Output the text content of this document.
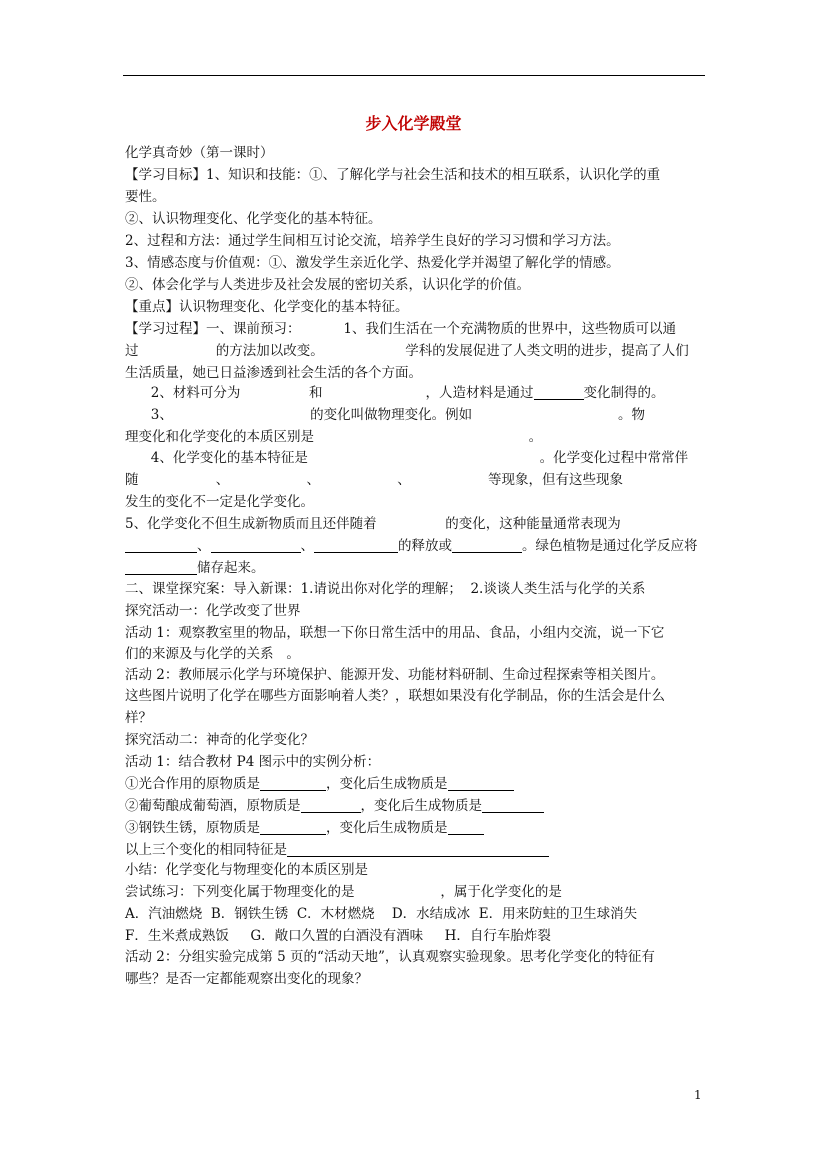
步入化学殿堂
化学真奇妙（第一课时）
【学习目标】1、知识和技能：①、了解化学与社会生活和技术的相互联系，认识化学的重
要性。
②、认识物理变化、化学变化的基本特征。
2、过程和方法：通过学生间相互讨论交流，培养学生良好的学习习惯和学习方法。
3、情感态度与价值观：①、激发学生亲近化学、热爱化学并渴望了解化学的情感。
②、体会化学与人类进步及社会发展的密切关系，认识化学的价值。
【重点】认识物理变化、化学变化的基本特征。
【学习过程】一、课前预习：          1、我们生活在一个充满物质的世界中，这些物质可以通
过                  的方法加以改变。                   学科的发展促进了人类文明的进步，提高了人们
生活质量，她已日益渗透到社会生活的各个方面。
2、材料可分为                和                        ，人造材料是通过	变化制得的。
3、                                的变化叫做物理变化。例如                                  。物
理变化和化学变化的本质区别是                                                  。
4、化学变化的基本特征是                                                      。化学变化过程中常常伴
随                  、                  、                  、                  等现象，但有这些现象
发生的变化不一定是化学变化。
5、化学变化不但生成新物质而且还伴随着                的变化，这种能量通常表现为
、	、	的释放或	。绿色植物是通过化学反应将
储存起来。
二、课堂探究案：导入新课：1.请说出你对化学的理解；  2.谈谈人类生活与化学的关系
探究活动一：化学改变了世界
活动 1：观察教室里的物品，联想一下你日常生活中的用品、食品，小组内交流，说一下它
们的来源及与化学的关系   。
活动 2：教师展示化学与环境保护、能源开发、功能材料研制、生命过程探索等相关图片。
这些图片说明了化学在哪些方面影响着人类？，联想如果没有化学制品，你的生活会是什么
样？
探究活动二：神奇的化学变化？
活动 1：结合教材 P4 图示中的实例分析：
①光合作用的原物质是	，变化后生成物质是
②葡萄酿成葡萄酒，原物质是	，变化后生成物质是
③钢铁生锈，原物质是	，变化后生成物质是
以上三个变化的相同特征是
小结：化学变化与物理变化的本质区别是
尝试练习：下列变化属于物理变化的是                    ，属于化学变化的是
A．汽油燃烧  B．钢铁生锈  C．木材燃烧    D．水结成冰  E．用来防蛀的卫生球消失
F．生米煮成熟饭     G．敞口久置的白酒没有酒味     H．自行车胎炸裂
活动 2：分组实验完成第 5 页的“活动天地”，认真观察实验现象。思考化学变化的特征有
哪些？是否一定都能观察出变化的现象？
1
